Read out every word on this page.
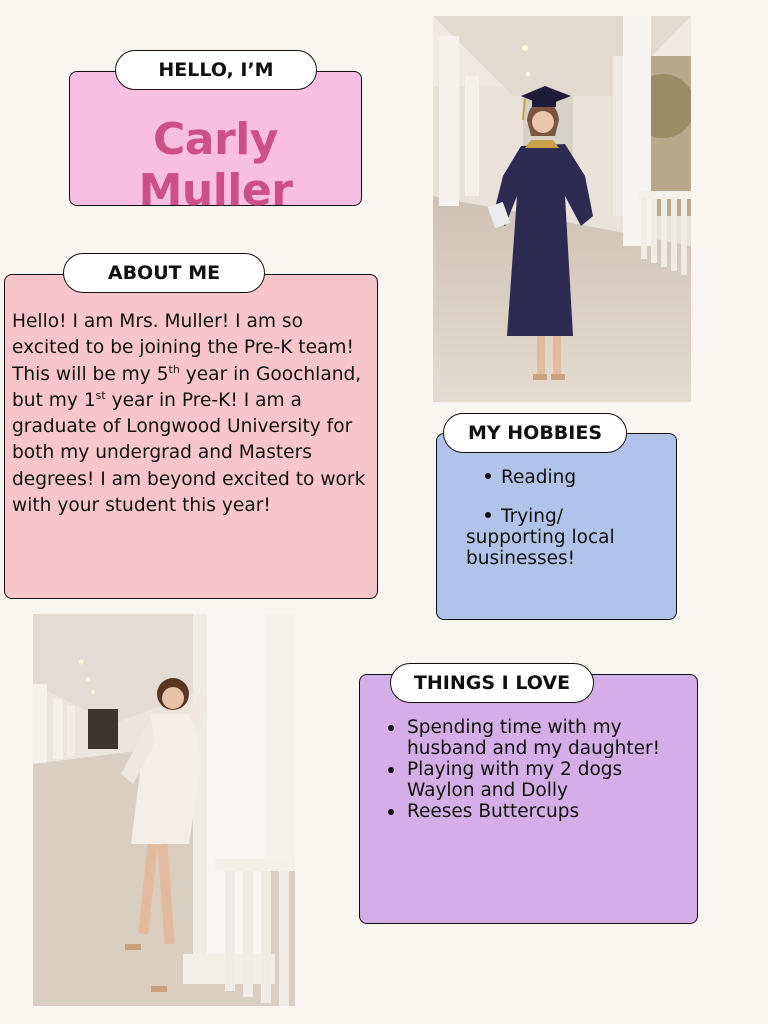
Carly Muller
HELLO, I’M
Hello! I am Mrs. Muller! I am so excited to be joining the Pre-K team! This will be my 5th year in Goochland, but my 1st year in Pre-K! I am a graduate of Longwood University for both my undergrad and Masters degrees! I am beyond excited to work with your student this year!
ABOUT ME
Reading
Trying/ supporting local businesses!
MY HOBBIES
Spending time with my husband and my daughter!
Playing with my 2 dogs Waylon and Dolly
Reeses Buttercups
THINGS I LOVE
